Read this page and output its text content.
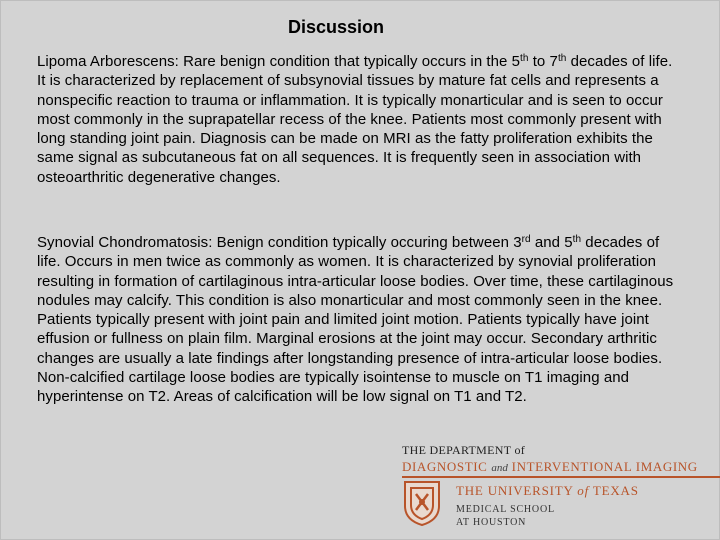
Discussion
Lipoma Arborescens: Rare benign condition that typically occurs in the 5th to 7th decades of life. It is characterized by replacement of subsynovial tissues by mature fat cells and represents a nonspecific reaction to trauma or inflammation. It is typically monarticular and is seen to occur most commonly in the suprapatellar recess of the knee. Patients most commonly present with long standing joint pain. Diagnosis can be made on MRI as the fatty proliferation exhibits the same signal as subcutaneous fat on all sequences. It is frequently seen in association with osteoarthritic degenerative changes.
Synovial Chondromatosis: Benign condition typically occuring between 3rd and 5th decades of life. Occurs in men twice as commonly as women. It is characterized by synovial proliferation resulting in formation of cartilaginous intra-articular loose bodies. Over time, these cartilaginous nodules may calcify. This condition is also monarticular and most commonly seen in the knee. Patients typically present with joint pain and limited joint motion. Patients typically have joint effusion or fullness on plain film. Marginal erosions at the joint may occur. Secondary arthritic changes are usually a late findings after longstanding presence of intra-articular loose bodies. Non-calcified cartilage loose bodies are typically isointense to muscle on T1 imaging and hyperintense on T2. Areas of calcification will be low signal on T1 and T2.
THE DEPARTMENT of
DIAGNOSTIC and INTERVENTIONAL IMAGING
THE UNIVERSITY of TEXAS
MEDICAL SCHOOL
AT HOUSTON
